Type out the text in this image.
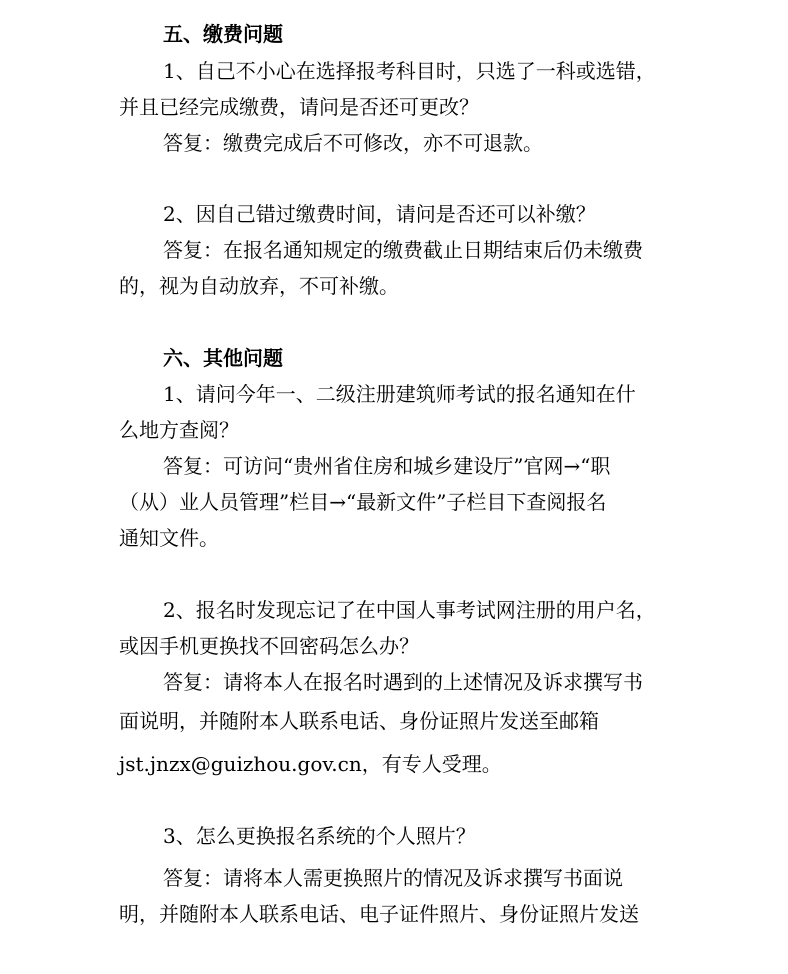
五、缴费问题
1、自己不小心在选择报考科目时，只选了一科或选错，
并且已经完成缴费，请问是否还可更改？
答复：缴费完成后不可修改，亦不可退款。
2、因自己错过缴费时间，请问是否还可以补缴？
答复：在报名通知规定的缴费截止日期结束后仍未缴费
的，视为自动放弃，不可补缴。
六、其他问题
1、请问今年一、二级注册建筑师考试的报名通知在什
么地方查阅？
答复：可访问“贵州省住房和城乡建设厅”官网→“职
（从）业人员管理”栏目→“最新文件”子栏目下查阅报名
通知文件。
2、报名时发现忘记了在中国人事考试网注册的用户名，
或因手机更换找不回密码怎么办？
答复：请将本人在报名时遇到的上述情况及诉求撰写书
面说明，并随附本人联系电话、身份证照片发送至邮箱
jst.jnzx@guizhou.gov.cn，有专人受理。
3、怎么更换报名系统的个人照片？
答复：请将本人需更换照片的情况及诉求撰写书面说
明，并随附本人联系电话、电子证件照片、身份证照片发送
